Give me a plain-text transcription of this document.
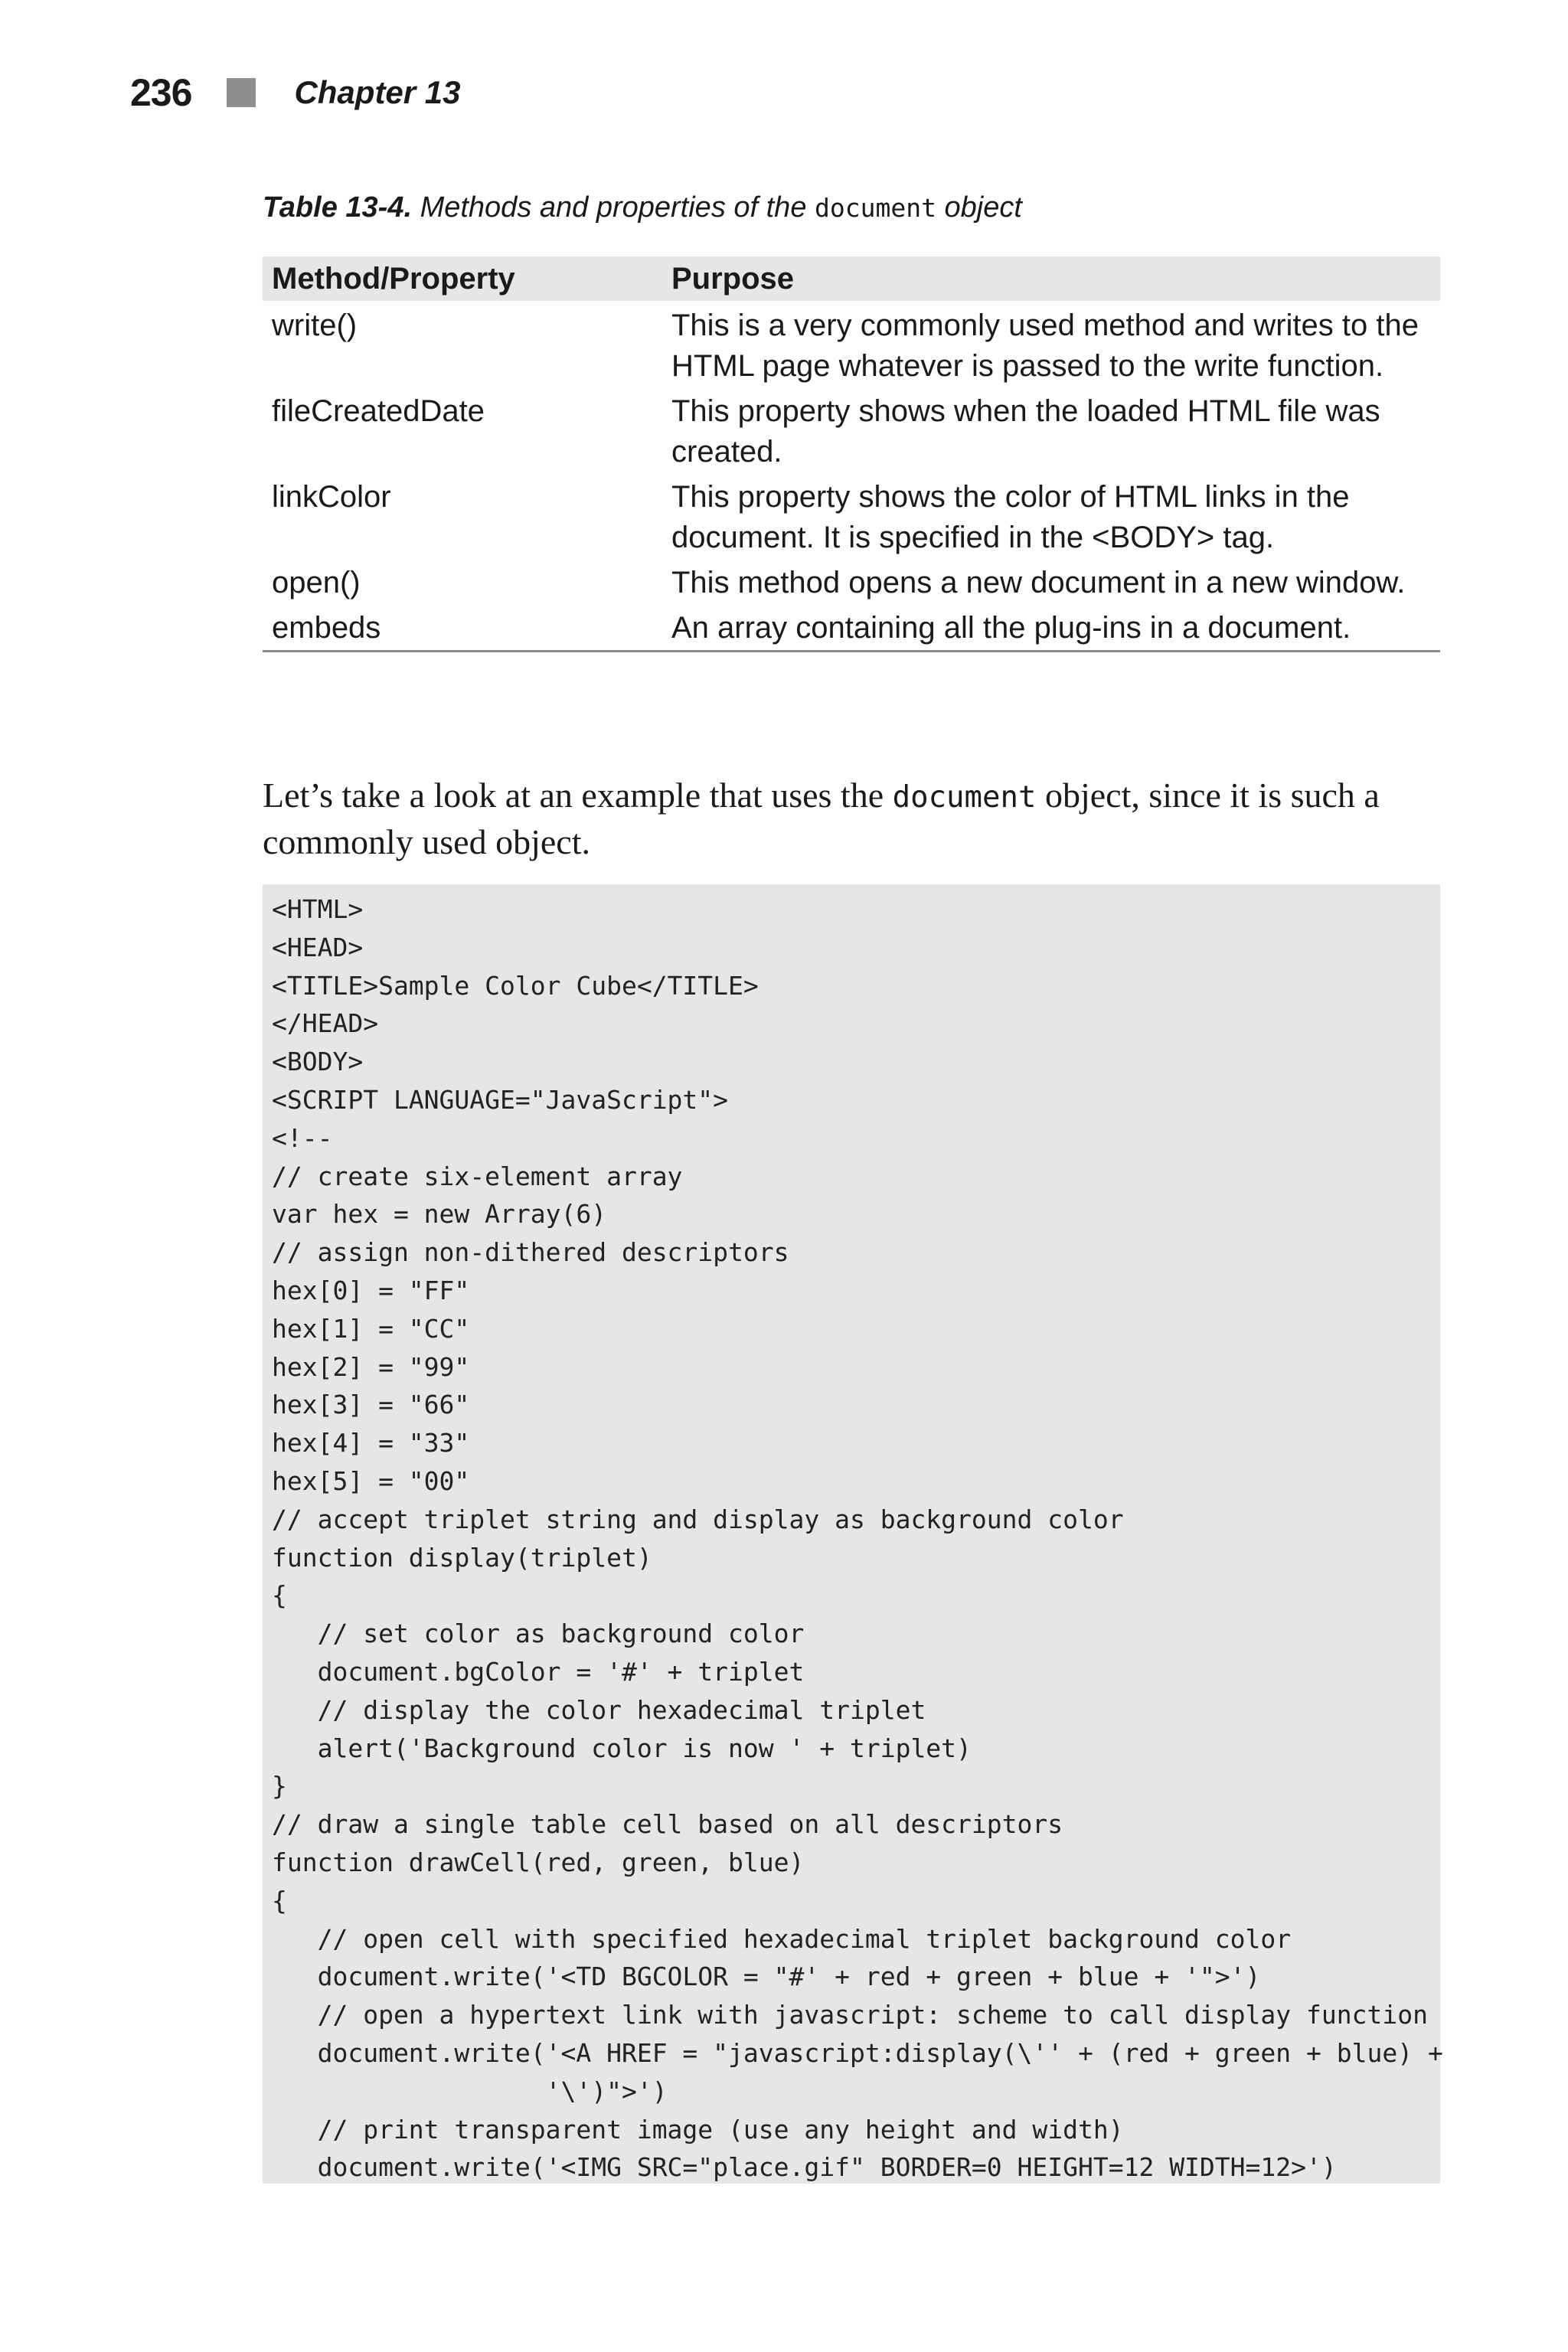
236	Chapter 13
Table 13-4. Methods and properties of the document object
Method/Property	Purpose
write()	This is a very commonly used method and writes to the HTML page whatever is passed to the write function.
fileCreatedDate	This property shows when the loaded HTML file was created.
linkColor	This property shows the color of HTML links in the document. It is specified in the <BODY> tag.
open()	This method opens a new document in a new window.
embeds	An array containing all the plug-ins in a document.

Let’s take a look at an example that uses the document object, since it is such a commonly used object.

<HTML>
<HEAD>
<TITLE>Sample Color Cube</TITLE>
</HEAD>
<BODY>
<SCRIPT LANGUAGE="JavaScript">
<!--
// create six-element array
var hex = new Array(6)
// assign non-dithered descriptors
hex[0] = "FF"
hex[1] = "CC"
hex[2] = "99"
hex[3] = "66"
hex[4] = "33"
hex[5] = "00"
// accept triplet string and display as background color
function display(triplet)
{
// set color as background color
document.bgColor = '#' + triplet
// display the color hexadecimal triplet
alert('Background color is now ' + triplet)
}
// draw a single table cell based on all descriptors
function drawCell(red, green, blue)
{
// open cell with specified hexadecimal triplet background color
document.write('<TD BGCOLOR = "#' + red + green + blue + '">')
// open a hypertext link with javascript: scheme to call display function
document.write('<A HREF = "javascript:display(\'' + (red + green + blue) +
'\')">')
// print transparent image (use any height and width)
document.write('<IMG SRC="place.gif" BORDER=0 HEIGHT=12 WIDTH=12>')
